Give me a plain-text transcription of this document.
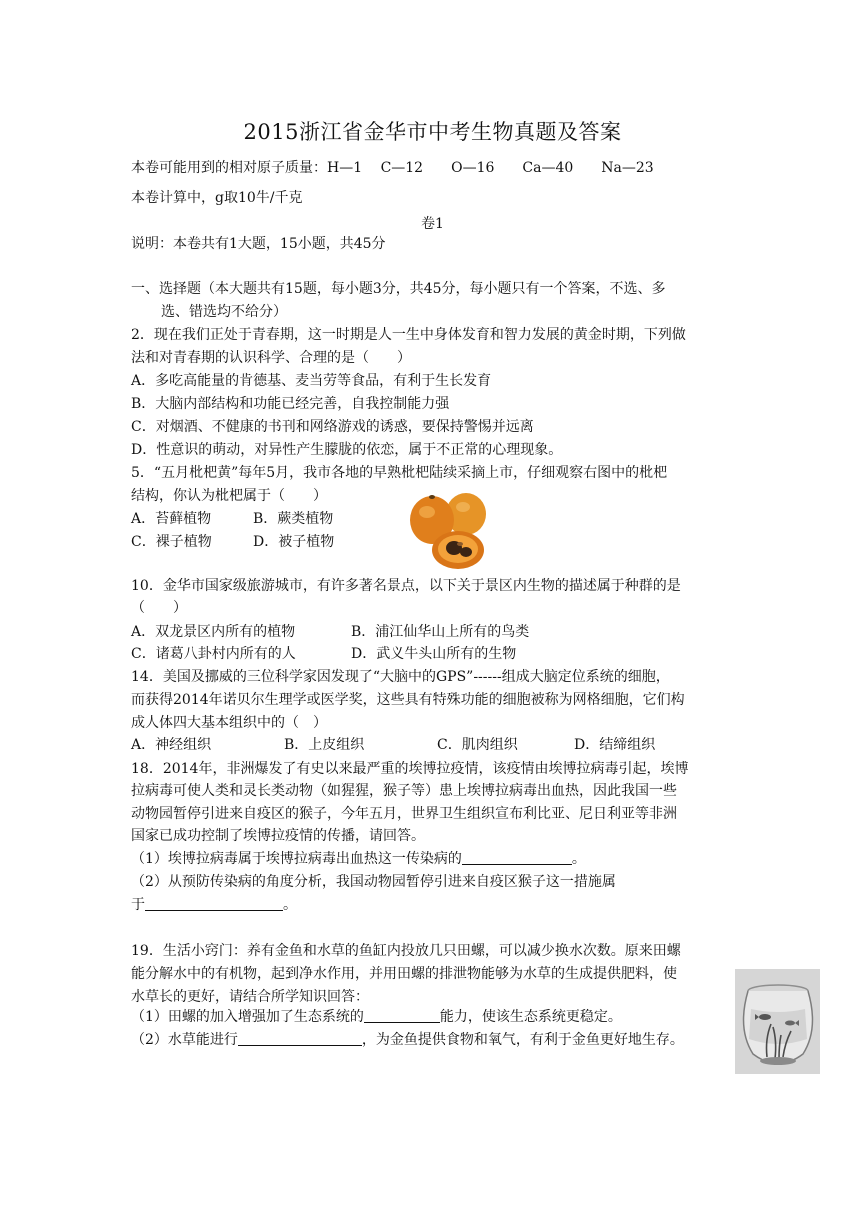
2015浙江省金华市中考生物真题及答案
本卷可能用到的相对原子质量：H—1　 C—12　　O—16　　Ca—40　　Na—23
本卷计算中，g取10牛/千克
卷1
说明：本卷共有1大题，15小题，共45分
一、选择题（本大题共有15题，每小题3分，共45分，每小题只有一个答案，不选、多
选、错选均不给分）
2．现在我们正处于青春期，这一时期是人一生中身体发育和智力发展的黄金时期，下列做
法和对青春期的认识科学、合理的是（　　）
A．多吃高能量的肯德基、麦当劳等食品，有利于生长发育
B．大脑内部结构和功能已经完善，自我控制能力强
C．对烟酒、不健康的书刊和网络游戏的诱惑，要保持警惕并远离
D．性意识的萌动，对异性产生朦胧的依恋，属于不正常的心理现象。
5．“五月枇杷黄”每年5月，我市各地的早熟枇杷陆续采摘上市，仔细观察右图中的枇杷
结构，你认为枇杷属于（　　）
A．苔藓植物	B．蕨类植物
C．裸子植物	D．被子植物
10．金华市国家级旅游城市，有许多著名景点，以下关于景区内生物的描述属于种群的是
（　　）
A．双龙景区内所有的植物	B．浦江仙华山上所有的鸟类
C．诸葛八卦村内所有的人	D．武义牛头山所有的生物
14．美国及挪威的三位科学家因发现了“大脑中的GPS”------组成大脑定位系统的细胞，
而获得2014年诺贝尔生理学或医学奖，这些具有特殊功能的细胞被称为网格细胞，它们构
成人体四大基本组织中的（　）
A．神经组织	B．上皮组织	C．肌肉组织	D．结缔组织
18．2014年，非洲爆发了有史以来最严重的埃博拉疫情，该疫情由埃博拉病毒引起，埃博
拉病毒可使人类和灵长类动物（如猩猩，猴子等）患上埃博拉病毒出血热，因此我国一些
动物园暂停引进来自疫区的猴子，今年五月，世界卫生组织宣布利比亚、尼日利亚等非洲
国家已成功控制了埃博拉疫情的传播，请回答。
（1）埃博拉病毒属于埃博拉病毒出血热这一传染病的	。
（2）从预防传染病的角度分析，我国动物园暂停引进来自疫区猴子这一措施属
于	。
19．生活小窍门：养有金鱼和水草的鱼缸内投放几只田螺，可以减少换水次数。原来田螺
能分解水中的有机物，起到净水作用，并用田螺的排泄物能够为水草的生成提供肥料，使
水草长的更好，请结合所学知识回答：
（1）田螺的加入增强加了生态系统的	能力，使该生态系统更稳定。
（2）水草能进行	，为金鱼提供食物和氧气，有利于金鱼更好地生存。
